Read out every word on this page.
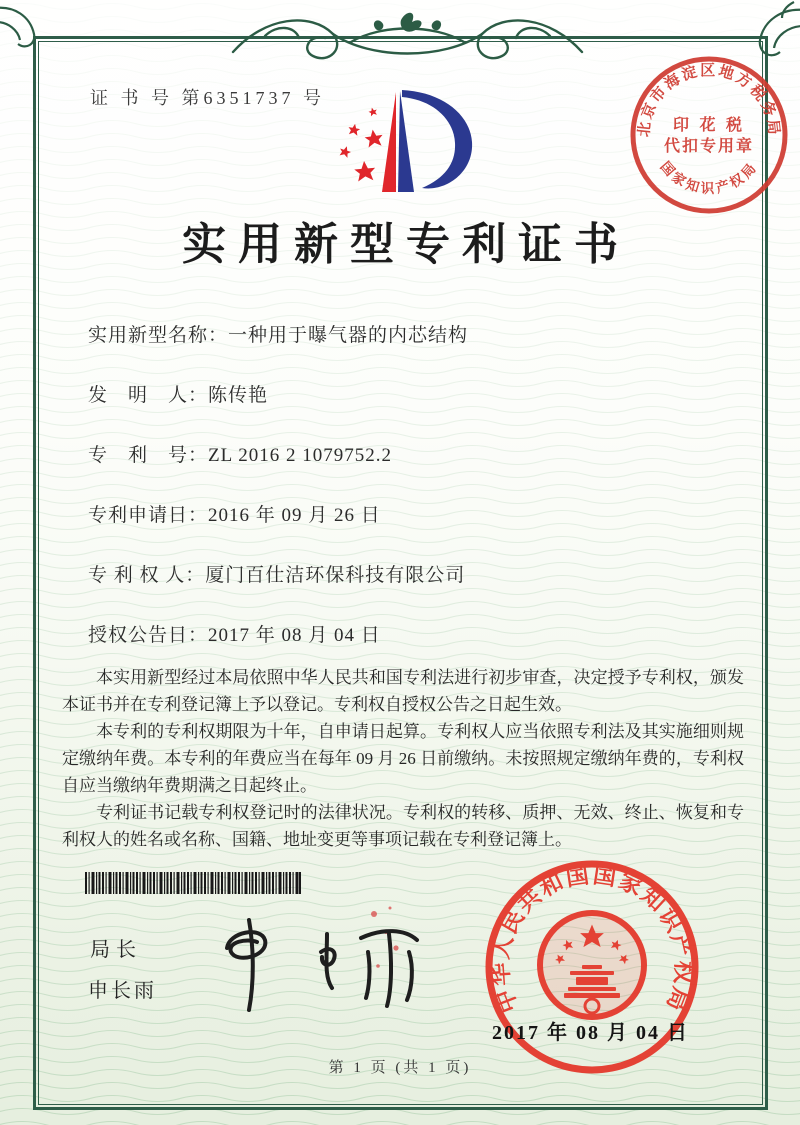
证 书 号 第6351737 号
北京市海淀区地方税务局
印 花 税
代扣专用章
国家知识产权局
实用新型专利证书
实用新型名称：一种用于曝气器的内芯结构
发　明　人：陈传艳
专　利　号：ZL 2016 2 1079752.2
专利申请日：2016 年 09 月 26 日
专 利 权 人：厦门百仕洁环保科技有限公司
授权公告日：2017 年 08 月 04 日

本实用新型经过本局依照中华人民共和国专利法进行初步审查，决定授予专利权，颁发本证书并在专利登记簿上予以登记。专利权自授权公告之日起生效。

本专利的专利权期限为十年，自申请日起算。专利权人应当依照专利法及其实施细则规定缴纳年费。本专利的年费应当在每年 09 月 26 日前缴纳。未按照规定缴纳年费的，专利权自应当缴纳年费期满之日起终止。

专利证书记载专利权登记时的法律状况。专利权的转移、质押、无效、终止、恢复和专利权人的姓名或名称、国籍、地址变更等事项记载在专利登记簿上。

局长
申长雨	中华人民共和国国家知识产权局
2017 年 08 月 04 日
第 1 页 (共 1 页)
